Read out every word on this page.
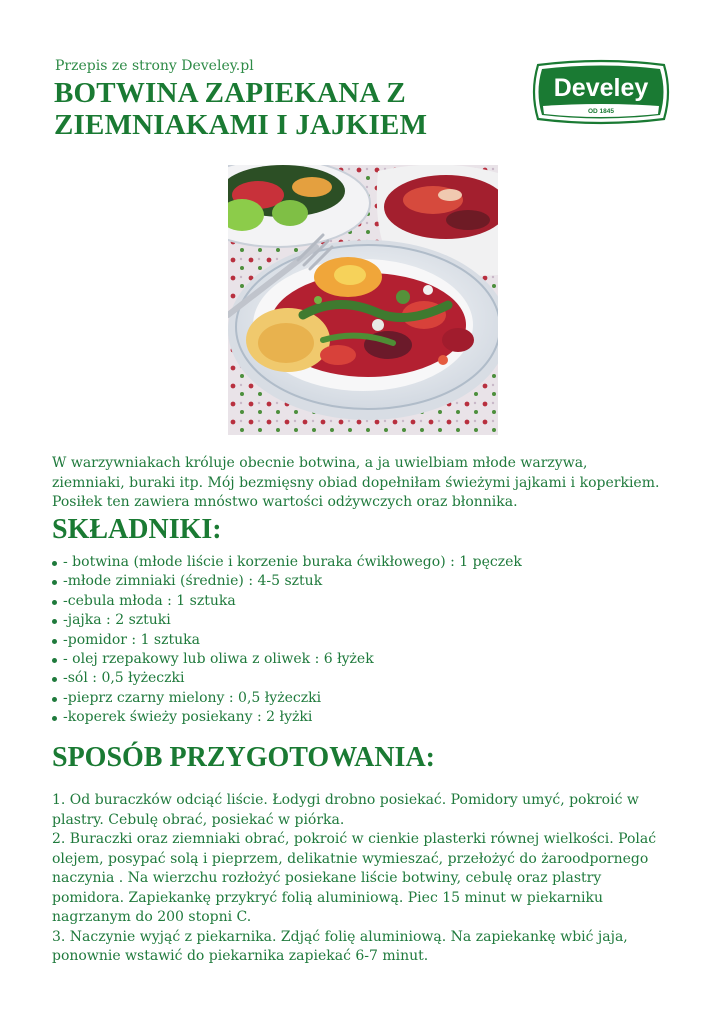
Przepis ze strony Develey.pl
BOTWINA ZAPIEKANA Z
ZIEMNIAKAMI I JAJKIEM
Develey
OD 1845

W warzywniakach króluje obecnie botwina, a ja uwielbiam młode warzywa, ziemniaki, buraki itp. Mój bezmięsny obiad dopełniłam świeżymi jajkami i koperkiem. Posiłek ten zawiera mnóstwo wartości odżywczych oraz błonnika.

SKŁADNIKI:
- botwina (młode liście i korzenie buraka ćwikłowego) : 1 pęczek
-młode zimniaki (średnie) : 4-5 sztuk
-cebula młoda : 1 sztuka
-jajka : 2 sztuki
-pomidor : 1 sztuka
- olej rzepakowy lub oliwa z oliwek : 6 łyżek
-sól : 0,5 łyżeczki
-pieprz czarny mielony : 0,5 łyżeczki
-koperek świeży posiekany : 2 łyżki
SPOSÓB PRZYGOTOWANIA:

1. Od buraczków odciąć liście. Łodygi drobno posiekać. Pomidory umyć, pokroić w plastry. Cebulę obrać, posiekać w piórka.

2. Buraczki oraz ziemniaki obrać, pokroić w cienkie plasterki równej wielkości. Polać olejem, posypać solą i pieprzem, delikatnie wymieszać, przełożyć do żaroodpornego naczynia . Na wierzchu rozłożyć posiekane liście botwiny, cebulę oraz plastry pomidora. Zapiekankę przykryć folią aluminiową. Piec 15 minut w piekarniku nagrzanym do 200 stopni C.

3. Naczynie wyjąć z piekarnika. Zdjąć folię aluminiową. Na zapiekankę wbić jaja, ponownie wstawić do piekarnika zapiekać 6-7 minut.
